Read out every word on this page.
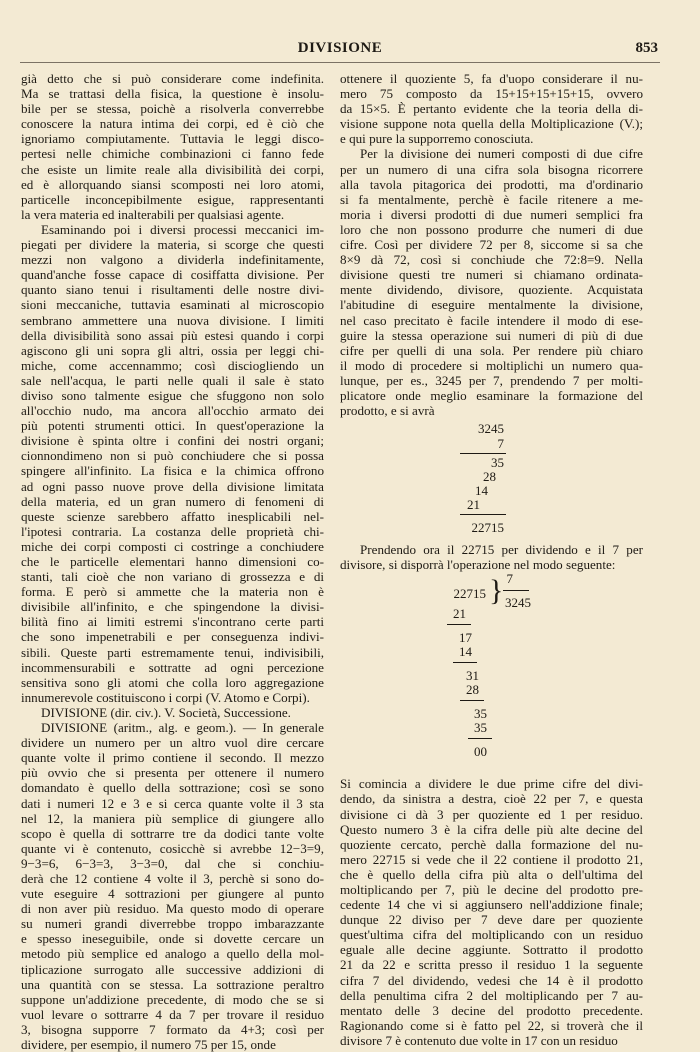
DIVISIONE	853
già detto che si può considerare come indefinita.
Ma se trattasi della fisica, la questione è insolu-
bile per se stessa, poichè a risolverla converrebbe
conoscere la natura intima dei corpi, ed è ciò che
ignoriamo compiutamente. Tuttavia le leggi disco-
pertesi nelle chimiche combinazioni ci fanno fede
che esiste un limite reale alla divisibilità dei corpi,
ed è allorquando siansi scomposti nei loro atomi,
particelle inconcepibilmente esigue, rappresentanti
la vera materia ed inalterabili per qualsiasi agente.
Esaminando poi i diversi processi meccanici im-
piegati per dividere la materia, si scorge che questi
mezzi non valgono a dividerla indefinitamente,
quand'anche fosse capace di cosiffatta divisione. Per
quanto siano tenui i risultamenti delle nostre divi-
sioni meccaniche, tuttavia esaminati al microscopio
sembrano ammettere una nuova divisione. I limiti
della divisibilità sono assai più estesi quando i corpi
agiscono gli uni sopra gli altri, ossia per leggi chi-
miche, come accennammo; così disciogliendo un
sale nell'acqua, le parti nelle quali il sale è stato
diviso sono talmente esigue che sfuggono non solo
all'occhio nudo, ma ancora all'occhio armato dei
più potenti strumenti ottici. In quest'operazione la
divisione è spinta oltre i confini dei nostri organi;
cionnondimeno non si può conchiudere che si possa
spingere all'infinito. La fisica e la chimica offrono
ad ogni passo nuove prove della divisione limitata
della materia, ed un gran numero di fenomeni di
queste scienze sarebbero affatto inesplicabili nel-
l'ipotesi contraria. La costanza delle proprietà chi-
miche dei corpi composti ci costringe a conchiudere
che le particelle elementari hanno dimensioni co-
stanti, tali cioè che non variano di grossezza e di
forma. E però si ammette che la materia non è
divisibile all'infinito, e che spingendone la divisi-
bilità fino ai limiti estremi s'incontrano certe parti
che sono impenetrabili e per conseguenza indivi-
sibili. Queste parti estremamente tenui, indivisibili,
incommensurabili e sottratte ad ogni percezione
sensitiva sono gli atomi che colla loro aggregazione
innumerevole costituiscono i corpi (V. Atomo e Corpi).
DIVISIONE (dir. civ.). V. Società, Successione.
DIVISIONE (aritm., alg. e geom.). — In generale
dividere un numero per un altro vuol dire cercare
quante volte il primo contiene il secondo. Il mezzo
più ovvio che si presenta per ottenere il numero
domandato è quello della sottrazione; così se sono
dati i numeri 12 e 3 e si cerca quante volte il 3 sta
nel 12, la maniera più semplice di giungere allo
scopo è quella di sottrarre tre da dodici tante volte
quante vi è contenuto, cosicchè si avrebbe 12−3=9,
9−3=6, 6−3=3, 3−3=0, dal che si conchiu-
derà che 12 contiene 4 volte il 3, perchè si sono do-
vute eseguire 4 sottrazioni per giungere al punto
di non aver più residuo. Ma questo modo di operare
su numeri grandi diverrebbe troppo imbarazzante
e spesso ineseguibile, onde si dovette cercare un
metodo più semplice ed analogo a quello della mol-
tiplicazione surrogato alle successive addizioni di
una quantità con se stessa. La sottrazione peraltro
suppone un'addizione precedente, di modo che se si
vuol levare o sottrarre 4 da 7 per trovare il residuo
3, bisogna supporre 7 formato da 4+3; così per
dividere, per esempio, il numero 75 per 15, onde
ottenere il quoziente 5, fa d'uopo considerare il nu-
mero 75 composto da 15+15+15+15+15, ovvero
da 15×5. È pertanto evidente che la teoria della di-
visione suppone nota quella della Moltiplicazione (V.);
e qui pure la supporremo conosciuta.
Per la divisione dei numeri composti di due cifre
per un numero di una cifra sola bisogna ricorrere
alla tavola pitagorica dei prodotti, ma d'ordinario
si fa mentalmente, perchè è facile ritenere a me-
moria i diversi prodotti di due numeri semplici fra
loro che non possono produrre che numeri di due
cifre. Così per dividere 72 per 8, siccome si sa che
8×9 dà 72, così si conchiude che 72:8=9. Nella
divisione questi tre numeri si chiamano ordinata-
mente dividendo, divisore, quoziente. Acquistata
l'abitudine di eseguire mentalmente la divisione,
nel caso precitato è facile intendere il modo di ese-
guire la stessa operazione sui numeri di più di due
cifre per quelli di una sola. Per rendere più chiaro
il modo di procedere si moltiplichi un numero qua-
lunque, per es., 3245 per 7, prendendo 7 per molti-
plicatore onde meglio esaminare la formazione del
prodotto, e si avrà
3245
7
35
28
14
21
22715
Prendendo ora il 22715 per dividendo e il 7 per
divisore, si disporrà l'operazione nel modo seguente:
22715 } 7
3245
21
17
14
31
28
35
35
00
Si comincia a dividere le due prime cifre del divi-
dendo, da sinistra a destra, cioè 22 per 7, e questa
divisione ci dà 3 per quoziente ed 1 per residuo.
Questo numero 3 è la cifra delle più alte decine del
quoziente cercato, perchè dalla formazione del nu-
mero 22715 si vede che il 22 contiene il prodotto 21,
che è quello della cifra più alta o dell'ultima del
moltiplicando per 7, più le decine del prodotto pre-
cedente 14 che vi si aggiunsero nell'addizione finale;
dunque 22 diviso per 7 deve dare per quoziente
quest'ultima cifra del moltiplicando con un residuo
eguale alle decine aggiunte. Sottratto il prodotto
21 da 22 e scritta presso il residuo 1 la seguente
cifra 7 del dividendo, vedesi che 14 è il prodotto
della penultima cifra 2 del moltiplicando per 7 au-
mentato delle 3 decine del prodotto precedente.
Ragionando come si è fatto pel 22, si troverà che il
divisore 7 è contenuto due volte in 17 con un residuo
